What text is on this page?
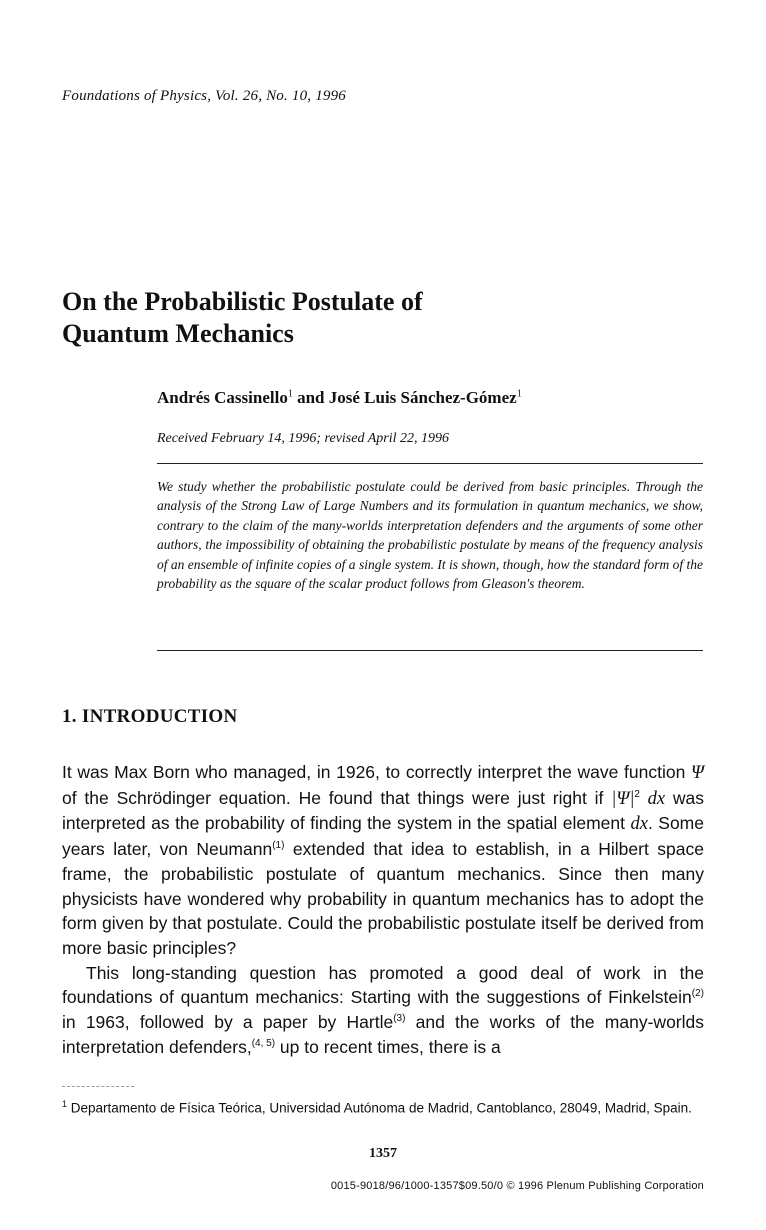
Foundations of Physics, Vol. 26, No. 10, 1996
On the Probabilistic Postulate of
Quantum Mechanics
Andrés Cassinello$^1$ and José Luis Sánchez-Gómez$^1$
Received February 14, 1996; revised April 22, 1996
We study whether the probabilistic postulate could be derived from basic principles. Through the analysis of the Strong Law of Large Numbers and its formulation in quantum mechanics, we show, contrary to the claim of the many-worlds interpretation defenders and the arguments of some other authors, the impossibility of obtaining the probabilistic postulate by means of the frequency analysis of an ensemble of infinite copies of a single system. It is shown, though, how the standard form of the probability as the square of the scalar product follows from Gleason's theorem.
1. INTRODUCTION

It was Max Born who managed, in 1926, to correctly interpret the wave function Ψ of the Schrödinger equation. He found that things were just right if $|\Psi|^2$ dx was interpreted as the probability of finding the system in the spatial element dx. Some years later, von Neumann$^{(1)}$ extended that idea to establish, in a Hilbert space frame, the probabilistic postulate of quantum mechanics. Since then many physicists have wondered why probability in quantum mechanics has to adopt the form given by that postulate. Could the probabilistic postulate itself be derived from more basic principles?

This long-standing question has promoted a good deal of work in the foundations of quantum mechanics: Starting with the suggestions of Finkelstein$^{(2)}$ in 1963, followed by a paper by Hartle$^{(3)}$ and the works of the many-worlds interpretation defenders,$^{(4, 5)}$ up to recent times, there is a

$^1$ Departamento de Física Teórica, Universidad Autónoma de Madrid, Cantoblanco, 28049, Madrid, Spain.
1357
0015-9018/96/1000-1357$09.50/0 © 1996 Plenum Publishing Corporation
